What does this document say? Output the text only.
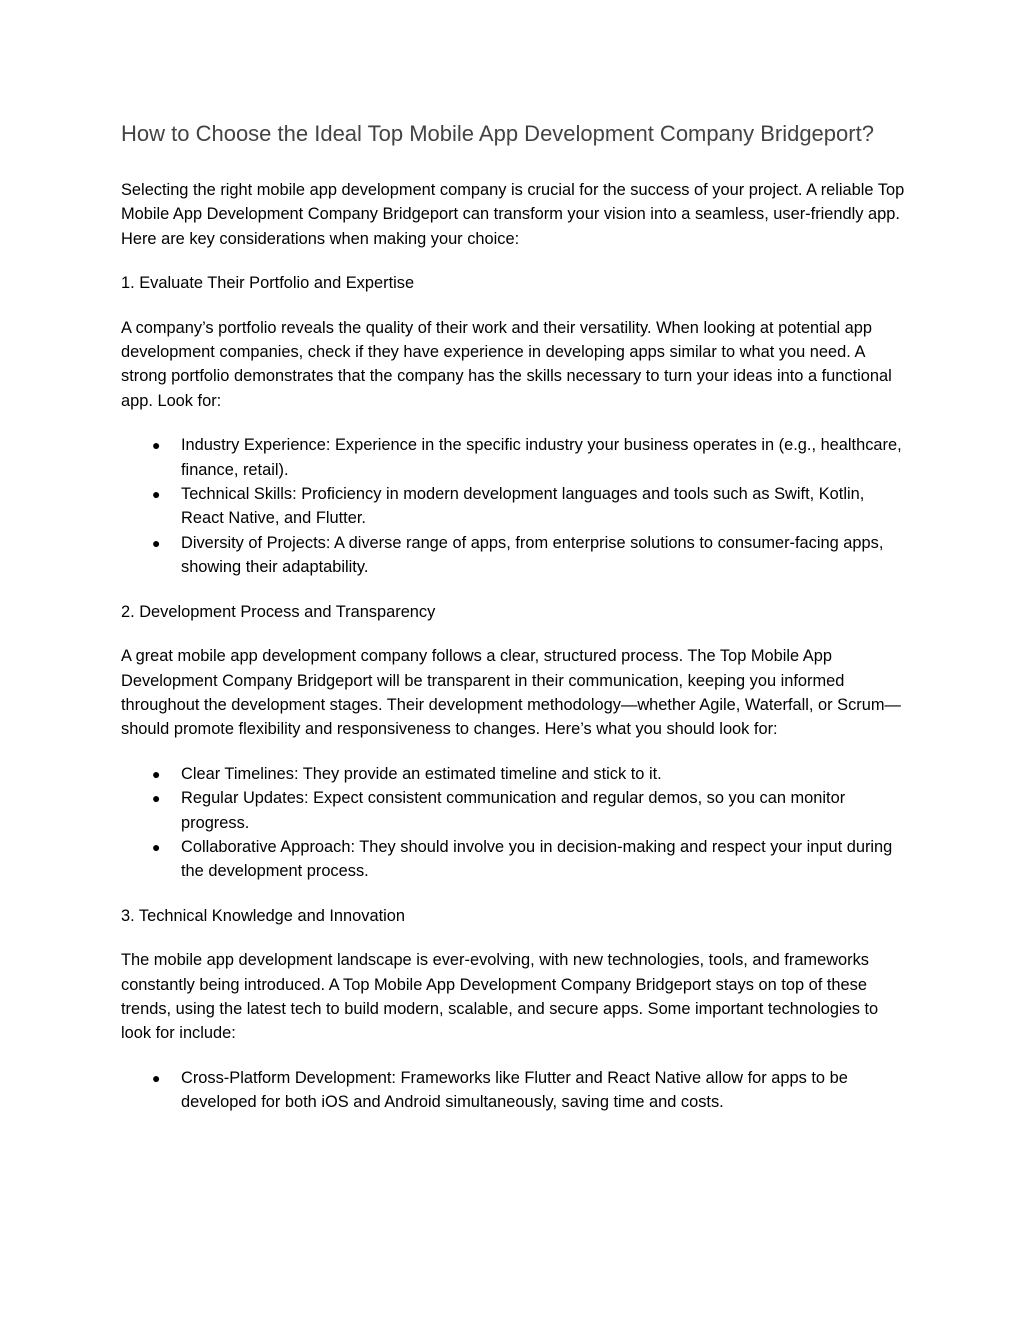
How to Choose the Ideal Top Mobile App Development Company Bridgeport?

Selecting the right mobile app development company is crucial for the success of your project. A reliable Top Mobile App Development Company Bridgeport can transform your vision into a seamless, user-friendly app. Here are key considerations when making your choice:

1. Evaluate Their Portfolio and Expertise

A company’s portfolio reveals the quality of their work and their versatility. When looking at potential app development companies, check if they have experience in developing apps similar to what you need. A strong portfolio demonstrates that the company has the skills necessary to turn your ideas into a functional app. Look for:

● Industry Experience: Experience in the specific industry your business operates in (e.g., healthcare, finance, retail).
● Technical Skills: Proficiency in modern development languages and tools such as Swift, Kotlin, React Native, and Flutter.
● Diversity of Projects: A diverse range of apps, from enterprise solutions to consumer-facing apps, showing their adaptability.
2. Development Process and Transparency

A great mobile app development company follows a clear, structured process. The Top Mobile App Development Company Bridgeport will be transparent in their communication, keeping you informed throughout the development stages. Their development methodology—whether Agile, Waterfall, or Scrum—should promote flexibility and responsiveness to changes. Here’s what you should look for:

● Clear Timelines: They provide an estimated timeline and stick to it.
● Regular Updates: Expect consistent communication and regular demos, so you can monitor progress.
● Collaborative Approach: They should involve you in decision-making and respect your input during the development process.
3. Technical Knowledge and Innovation

The mobile app development landscape is ever-evolving, with new technologies, tools, and frameworks constantly being introduced. A Top Mobile App Development Company Bridgeport stays on top of these trends, using the latest tech to build modern, scalable, and secure apps. Some important technologies to look for include:

● Cross-Platform Development: Frameworks like Flutter and React Native allow for apps to be developed for both iOS and Android simultaneously, saving time and costs.
